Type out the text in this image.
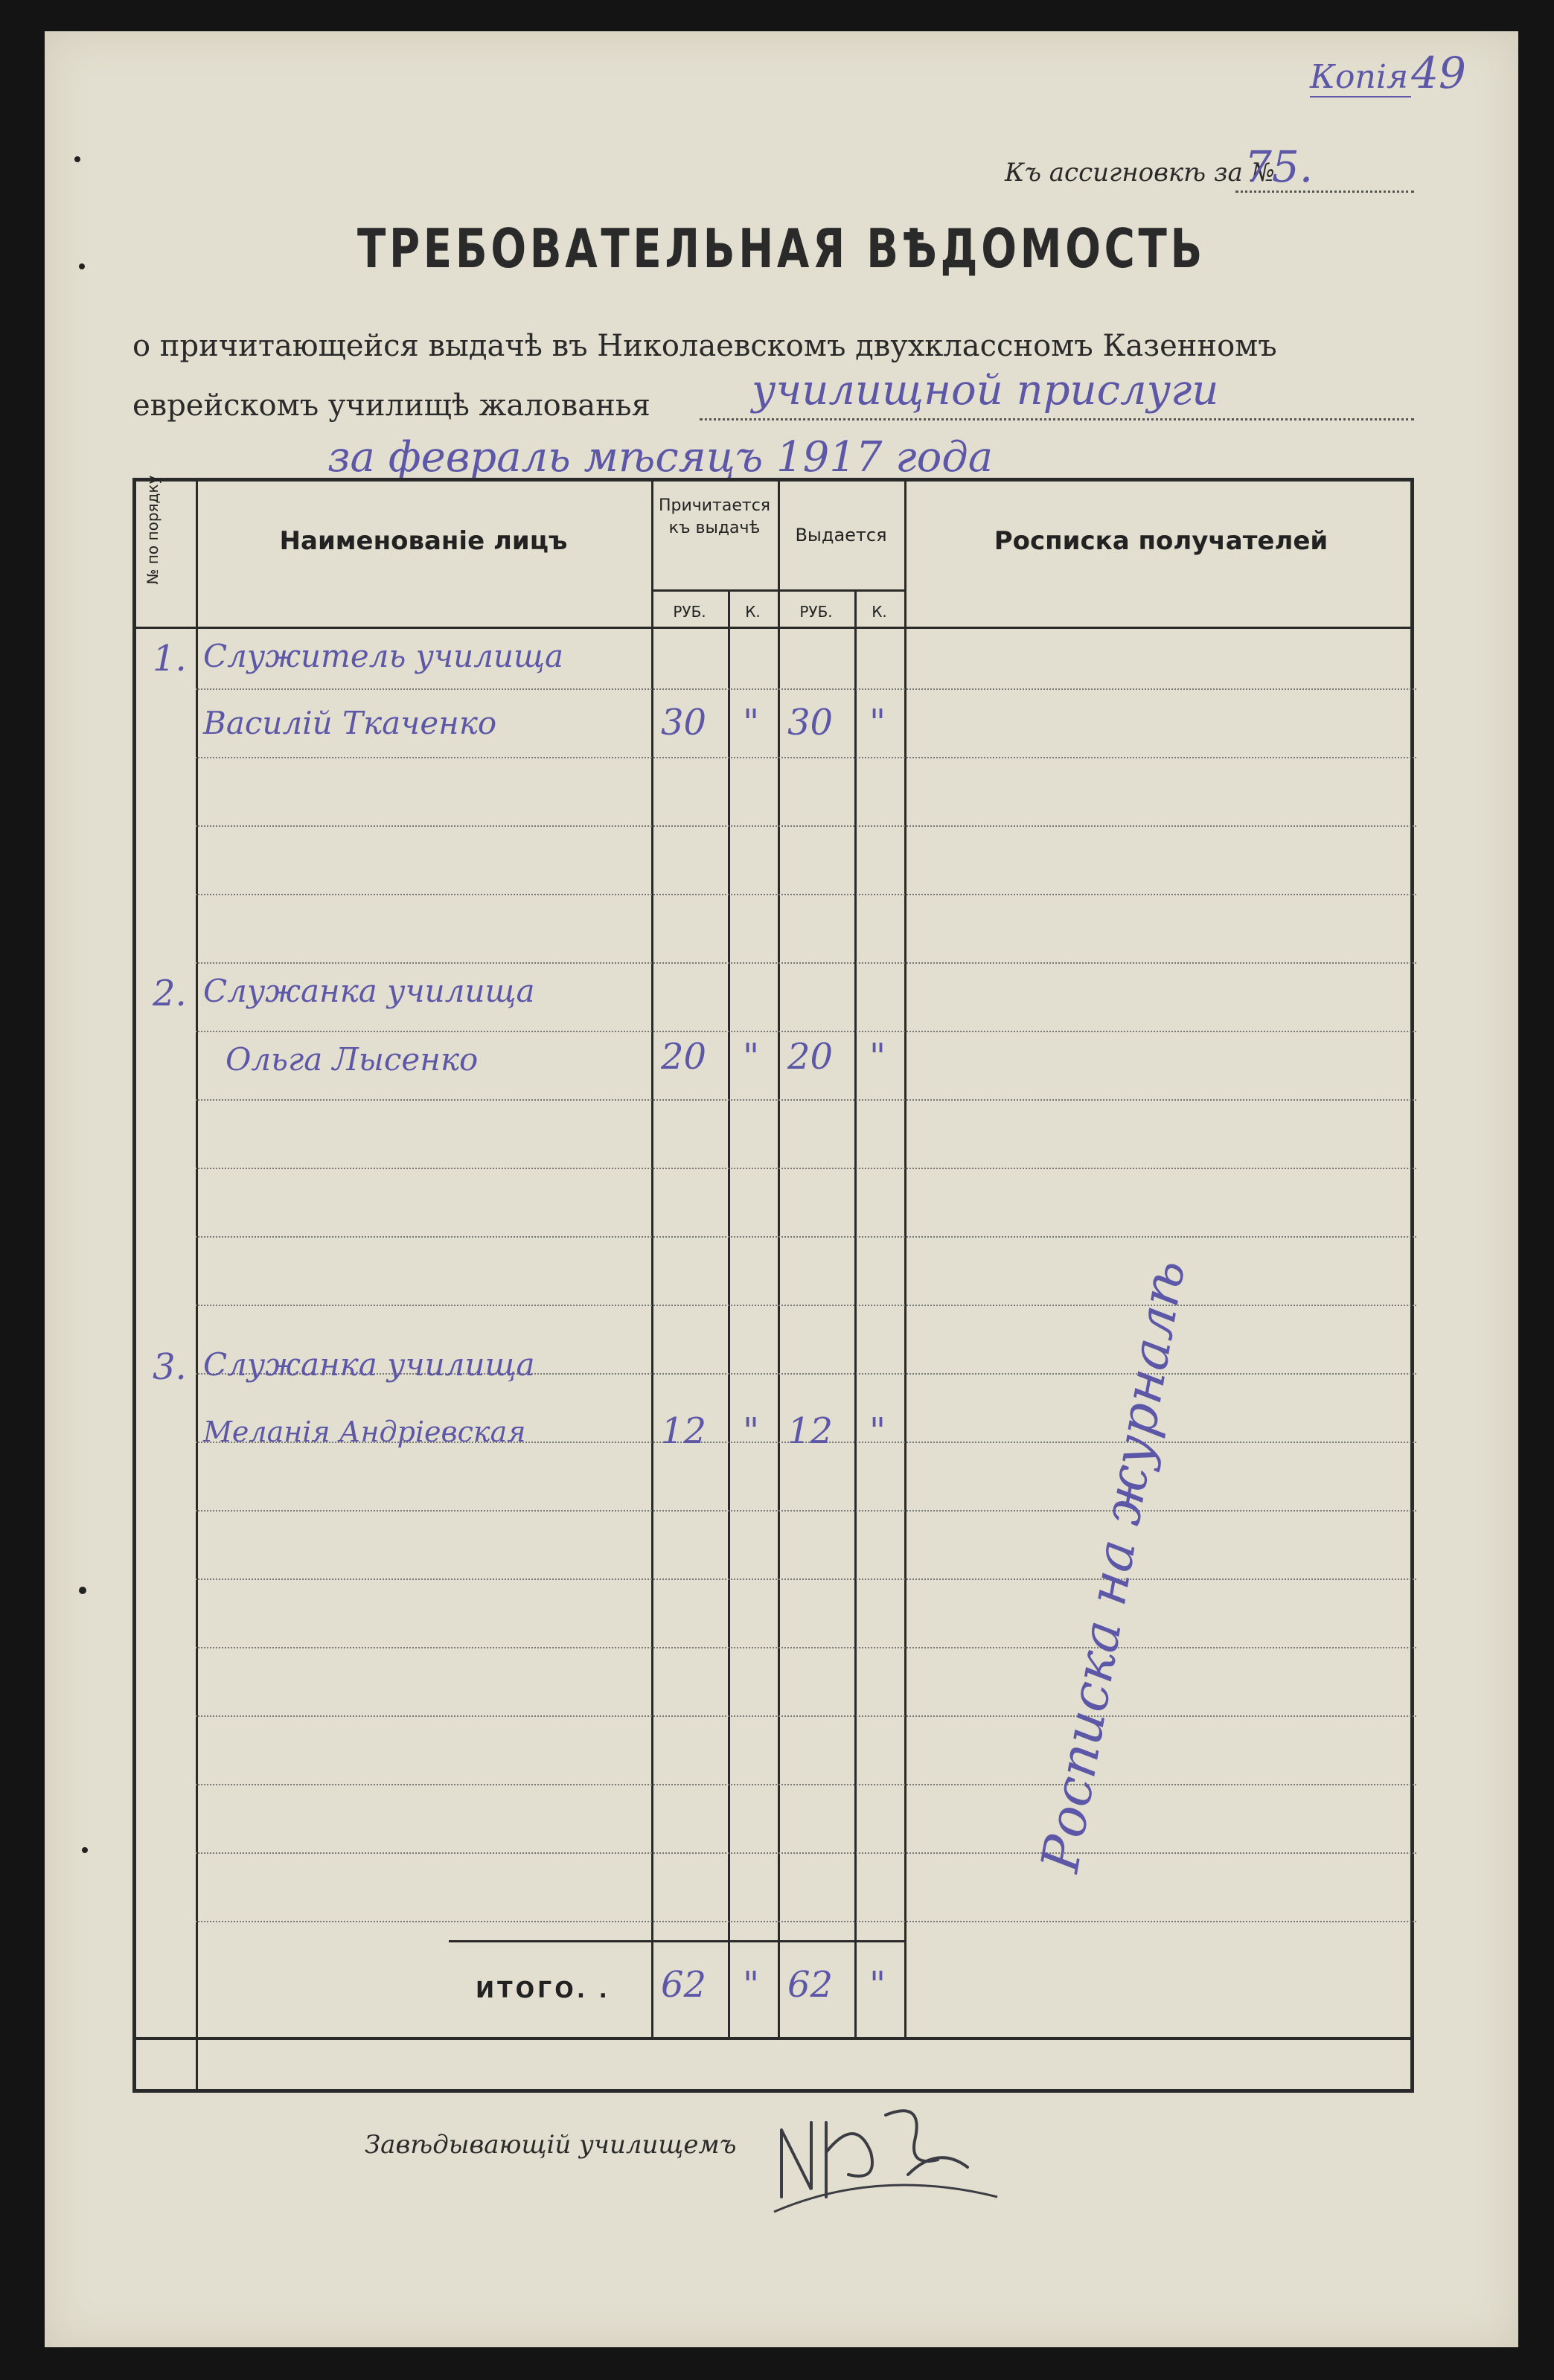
Копія49
Къ ассигновкѣ за №
75.
ТРЕБОВАТЕЛЬНАЯ ВѢДОМОСТЬ
о причитающейся выдачѣ въ Николаевскомъ двухклассномъ Казенномъ
еврейскомъ училищѣ жалованья училищной прислуги
за февраль мѣсяцъ 1917 года
№ по порядку	Наименованіе лицъ
Причитается къ выдачѣ	Выдается	Росписка получателей
РУБ.	К.	РУБ.	К.
1. Служитель училища
Василій Ткаченко	30 " 30 "
2. Служанка училища
Ольга Лысенко	20 " 20 "
3. Служанка училища
Меланія Андріевская	12 " 12 "	Росписка на журналѣ
ИТОГО. . 62 " 62 "
Завѣдывающій училищемъ
